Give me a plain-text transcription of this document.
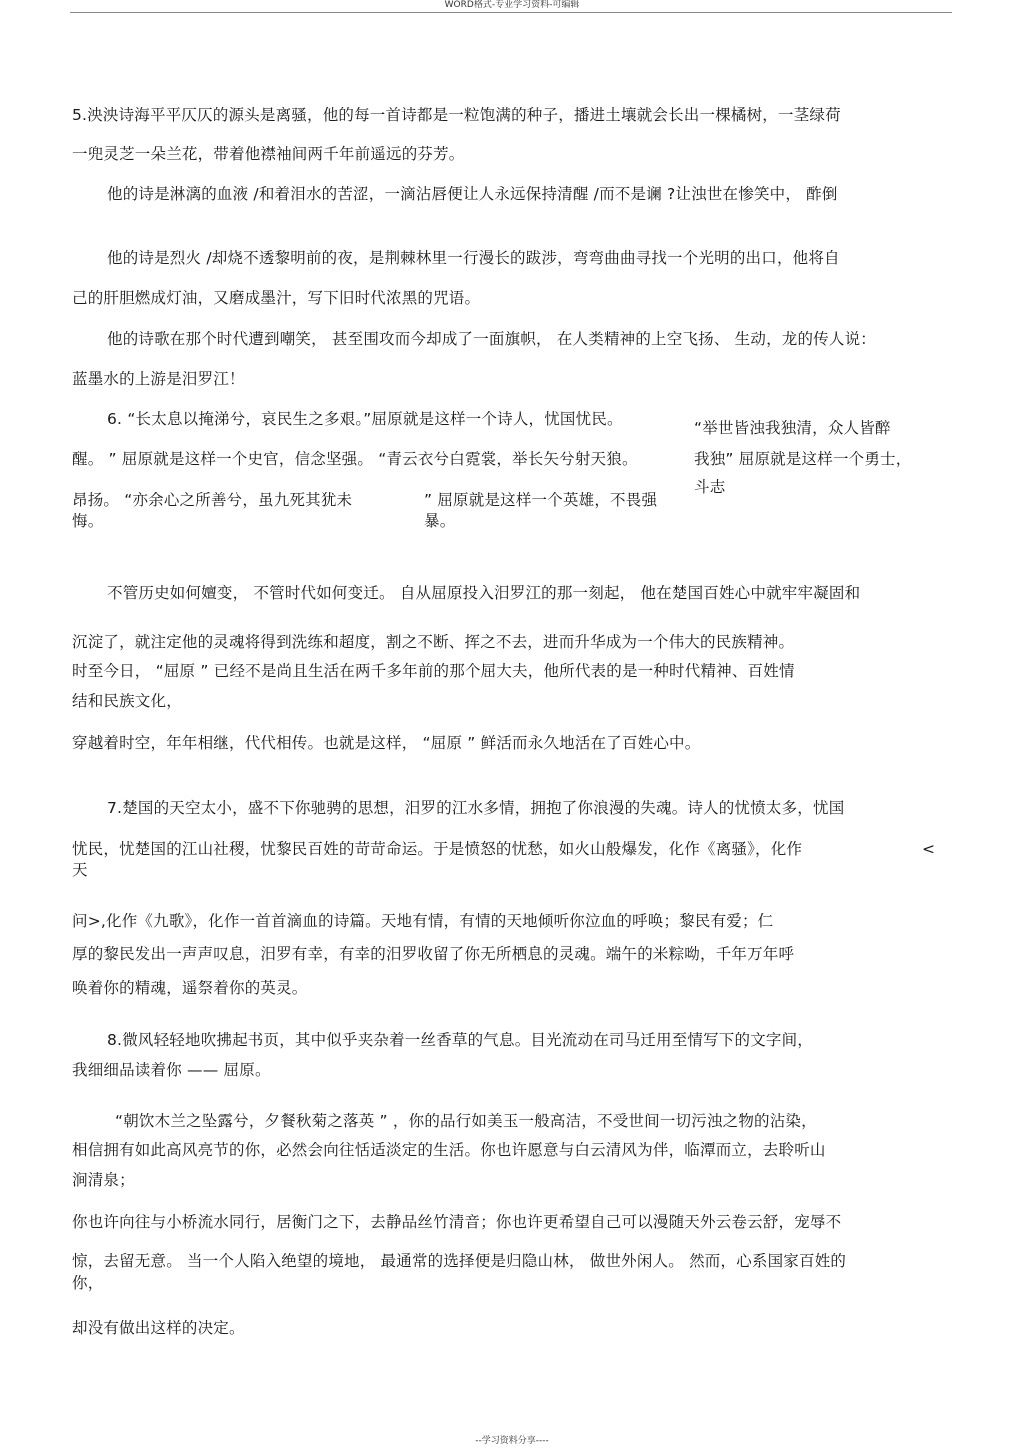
WORD格式-专业学习资料-可编辑
5.泱泱诗海平平仄仄的源头是离骚，他的每一首诗都是一粒饱满的种子，播进土壤就会长出一棵橘树，一茎绿荷
一兜灵芝一朵兰花，带着他襟袖间两千年前遥远的芬芳。
他的诗是淋漓的血液 /和着泪水的苦涩，一滴沾唇便让人永远保持清醒 /而不是谰 ?让浊世在惨笑中， 酢倒
他的诗是烈火 /却烧不透黎明前的夜，是荆棘林里一行漫长的跋涉，弯弯曲曲寻找一个光明的出口，他将自
己的肝胆燃成灯油，又磨成墨汁，写下旧时代浓黑的咒语。
他的诗歌在那个时代遭到嘲笑， 甚至围攻而今却成了一面旗帜， 在人类精神的上空飞扬、 生动，龙的传人说：
蓝墨水的上游是汨罗江！
6. “长太息以掩涕兮，哀民生之多艰。”屈原就是这样一个诗人，忧国忧民。	“举世皆浊我独清，众人皆醉
醒。 ” 屈原就是这样一个史官，信念坚强。 “青云衣兮白霓裳，举长矢兮射天狼。	我独” 屈原就是这样一个勇士，
斗志
昂扬。 “亦余心之所善兮，虽九死其犹未
悔。
” 屈原就是这样一个英雄，不畏强
暴。
不管历史如何嬗变， 不管时代如何变迁。 自从屈原投入汨罗江的那一刻起， 他在楚国百姓心中就牢牢凝固和
沉淀了，就注定他的灵魂将得到洗练和超度，割之不断、挥之不去，进而升华成为一个伟大的民族精神。
时至今日， “屈原 ” 已经不是尚且生活在两千多年前的那个屈大夫，他所代表的是一种时代精神、百姓情
结和民族文化，
穿越着时空，年年相继，代代相传。也就是这样， “屈原 ” 鲜活而永久地活在了百姓心中。
7.楚国的天空太小，盛不下你驰骋的思想，汨罗的江水多情，拥抱了你浪漫的失魂。诗人的忧愤太多，忧国
忧民，忧楚国的江山社稷，忧黎民百姓的苛苛命运。于是愤怒的忧愁，如火山般爆发，化作《离骚》，化作	<
天
问>,化作《九歌》，化作一首首滴血的诗篇。天地有情，有情的天地倾听你泣血的呼唤；黎民有爱；仁
厚的黎民发出一声声叹息，汨罗有幸，有幸的汨罗收留了你无所栖息的灵魂。端午的米粽呦，千年万年呼
唤着你的精魂，遥祭着你的英灵。
8.微风轻轻地吹拂起书页，其中似乎夹杂着一丝香草的气息。目光流动在司马迁用至情写下的文字间，
我细细品读着你 —— 屈原。
“朝饮木兰之坠露兮，夕餐秋菊之落英 ” ，你的品行如美玉一般高洁，不受世间一切污浊之物的沾染，
相信拥有如此高风亮节的你，必然会向往恬适淡定的生活。你也许愿意与白云清风为伴，临潭而立，去聆听山
涧清泉；
你也许向往与小桥流水同行，居衡门之下，去静品丝竹清音；你也许更希望自己可以漫随天外云卷云舒，宠辱不
惊，去留无意。 当一个人陷入绝望的境地， 最通常的选择便是归隐山林， 做世外闲人。 然而，心系国家百姓的
你，
却没有做出这样的决定。
--学习资料分享----
